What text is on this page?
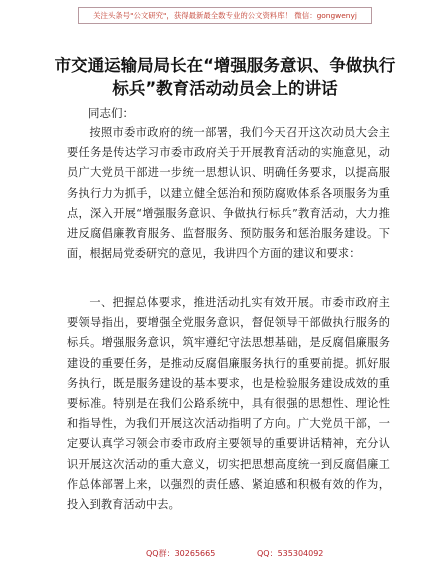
关注头条号"公文研究"，获得最新最全数专业的公文资料库！ 微信：gongwenyj
市交通运输局局长在“增强服务意识、争做执行标兵”教育活动动员会上的讲话
同志们：

按照市委市政府的统一部署，我们今天召开这次动员大会主要任务是传达学习市委市政府关于开展教育活动的实施意见，动员广大党员干部进一步统一思想认识、明确任务要求，以提高服务执行力为抓手，以建立健全惩治和预防腐败体系各项服务为重点，深入开展“增强服务意识、争做执行标兵”教育活动，大力推进反腐倡廉教育服务、监督服务、预防服务和惩治服务建设。下面，根据局党委研究的意见，我讲四个方面的建议和要求：

一、把握总体要求，推进活动扎实有效开展。市委市政府主要领导指出，要增强全党服务意识，督促领导干部做执行服务的标兵。增强服务意识，筑牢遵纪守法思想基础，是反腐倡廉服务建设的重要任务，是推动反腐倡廉服务执行的重要前提。抓好服务执行，既是服务建设的基本要求，也是检验服务建设成效的重要标准。特别是在我们公路系统中，具有很强的思想性、理论性和指导性，为我们开展这次活动指明了方向。广大党员干部，一定要认真学习领会市委市政府主要领导的重要讲话精神，充分认识开展这次活动的重大意义，切实把思想高度统一到反腐倡廉工作总体部署上来，以强烈的责任感、紧迫感和积极有效的作为，投入到教育活动中去。

QQ群：30265665	QQ：535304092
